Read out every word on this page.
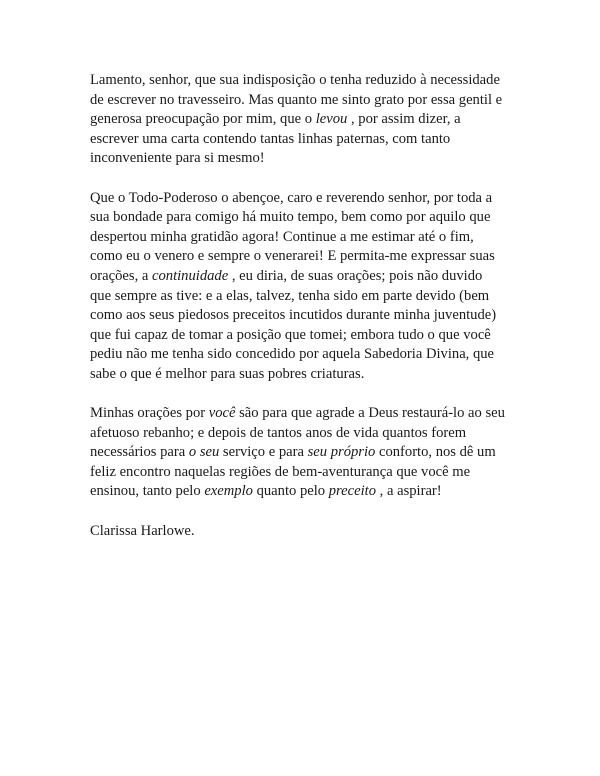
Lamento, senhor, que sua indisposição o tenha reduzido à necessidade
de escrever no travesseiro. Mas quanto me sinto grato por essa gentil e
generosa preocupação por mim, que o levou , por assim dizer, a
escrever uma carta contendo tantas linhas paternas, com tanto
inconveniente para si mesmo!

Que o Todo-Poderoso o abençoe, caro e reverendo senhor, por toda a
sua bondade para comigo há muito tempo, bem como por aquilo que
despertou minha gratidão agora! Continue a me estimar até o fim,
como eu o venero e sempre o venerarei! E permita-me expressar suas
orações, a continuidade , eu diria, de suas orações; pois não duvido
que sempre as tive: e a elas, talvez, tenha sido em parte devido (bem
como aos seus piedosos preceitos incutidos durante minha juventude)
que fui capaz de tomar a posição que tomei; embora tudo o que você
pediu não me tenha sido concedido por aquela Sabedoria Divina, que
sabe o que é melhor para suas pobres criaturas.

Minhas orações por você são para que agrade a Deus restaurá-lo ao seu
afetuoso rebanho; e depois de tantos anos de vida quantos forem
necessários para o seu serviço e para seu próprio conforto, nos dê um
feliz encontro naquelas regiões de bem-aventurança que você me
ensinou, tanto pelo exemplo quanto pelo preceito , a aspirar!

Clarissa Harlowe.
